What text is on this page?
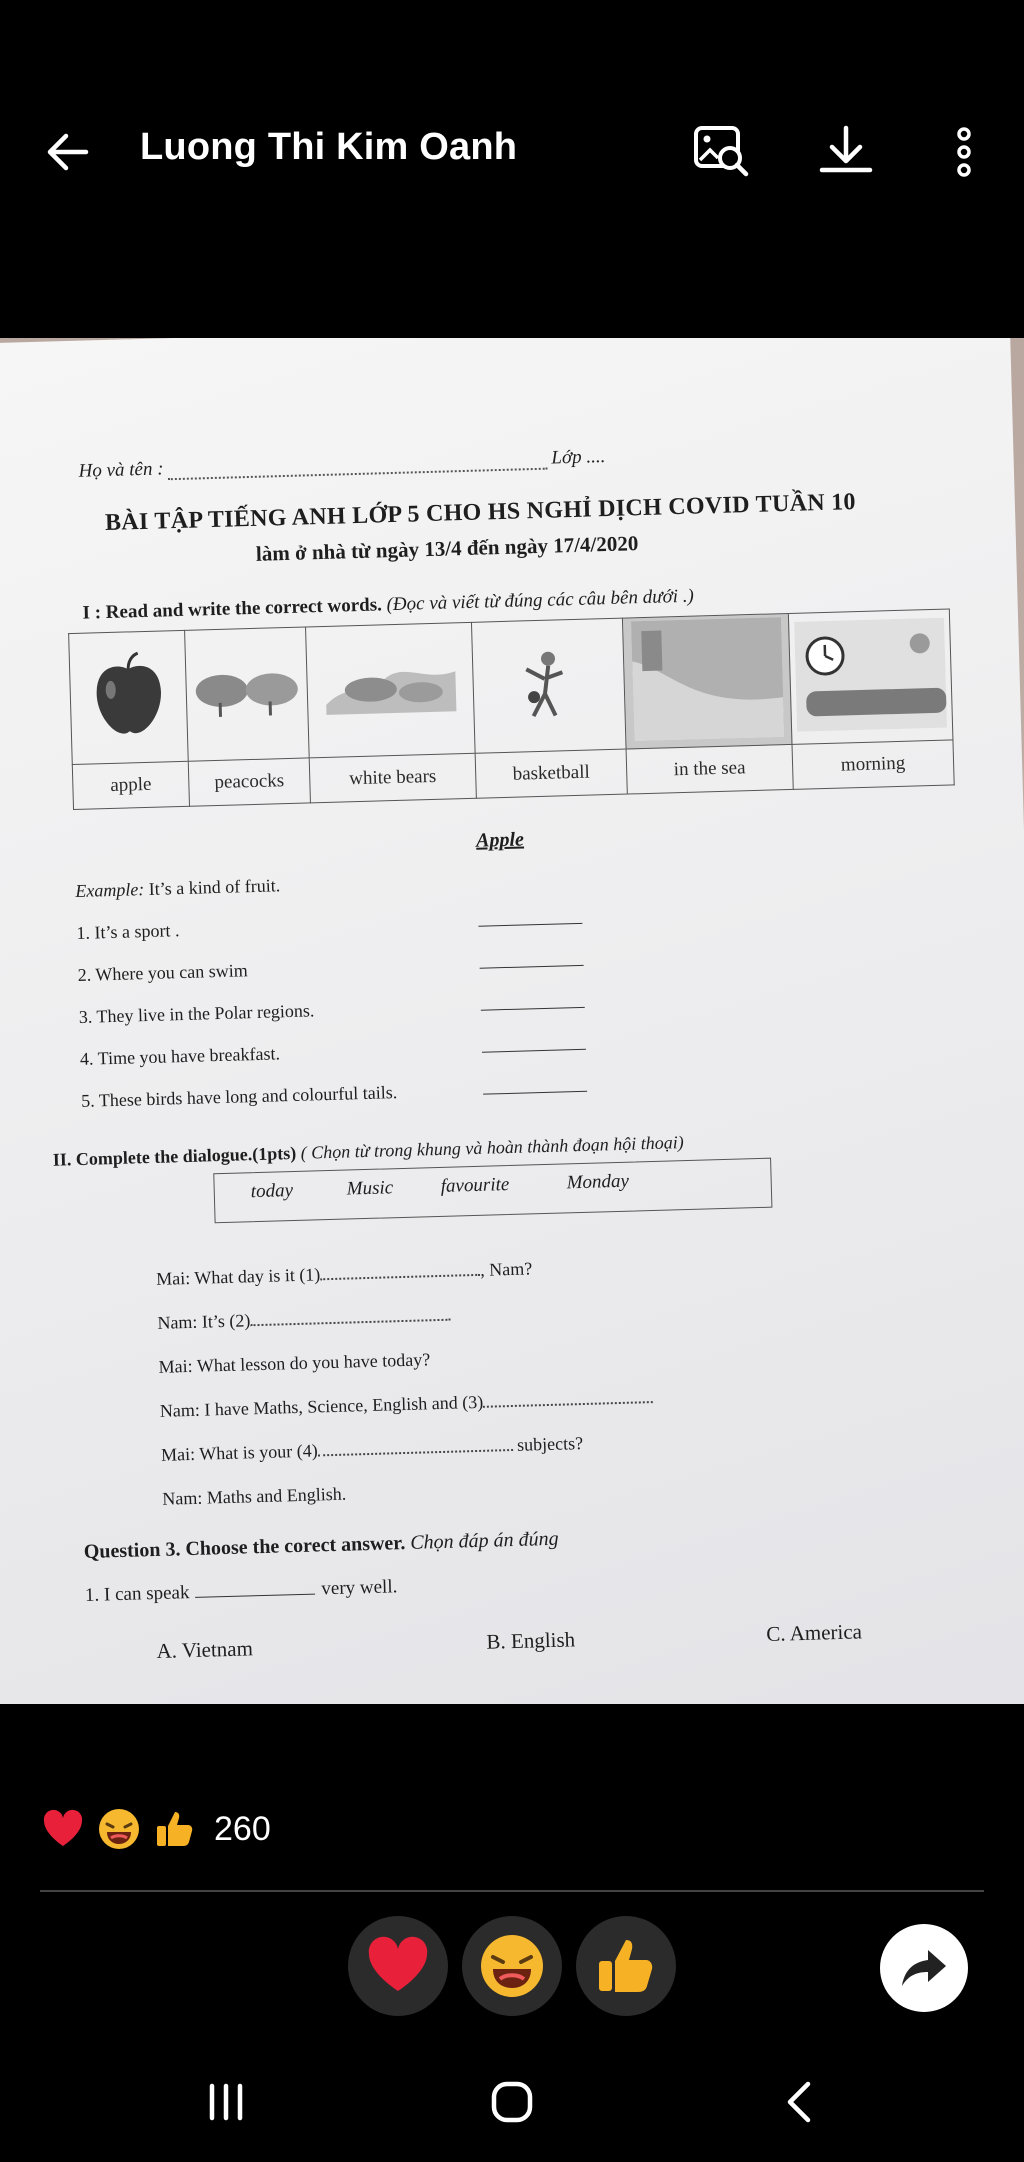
Luong Thi Kim Oanh
Họ và tên :Lớp ....
BÀI TẬP TIẾNG ANH LỚP 5 CHO HS NGHỈ DỊCH COVID TUẦN 10
làm ở nhà từ ngày 13/4 đến ngày 17/4/2020
I : Read and write the correct words. (Đọc và viết từ đúng các câu bên dưới .)

apple	peacocks	white bears	basketball	in the sea	morning
Apple
Example: It’s a kind of fruit.
1. It’s a sport .
2. Where you can swim
3. They live in the Polar regions.
4. Time you have breakfast.
5. These birds have long and colourful tails.
II. Complete the dialogue.(1pts) ( Chọn từ trong khung và hoàn thành đoạn hội thoại)
today	Music favourite	Monday
Mai: What day is it (1)	, Nam?
Nam: It’s (2)
Mai: What lesson do you have today?
Nam: I have Maths, Science, English and (3)
Mai: What is your (4)	subjects?
Nam: Maths and English.
Question 3. Choose the corect answer. Chọn đáp án đúng
1. I can speak	very well.
A. Vietnam	B. English	C. America
260
